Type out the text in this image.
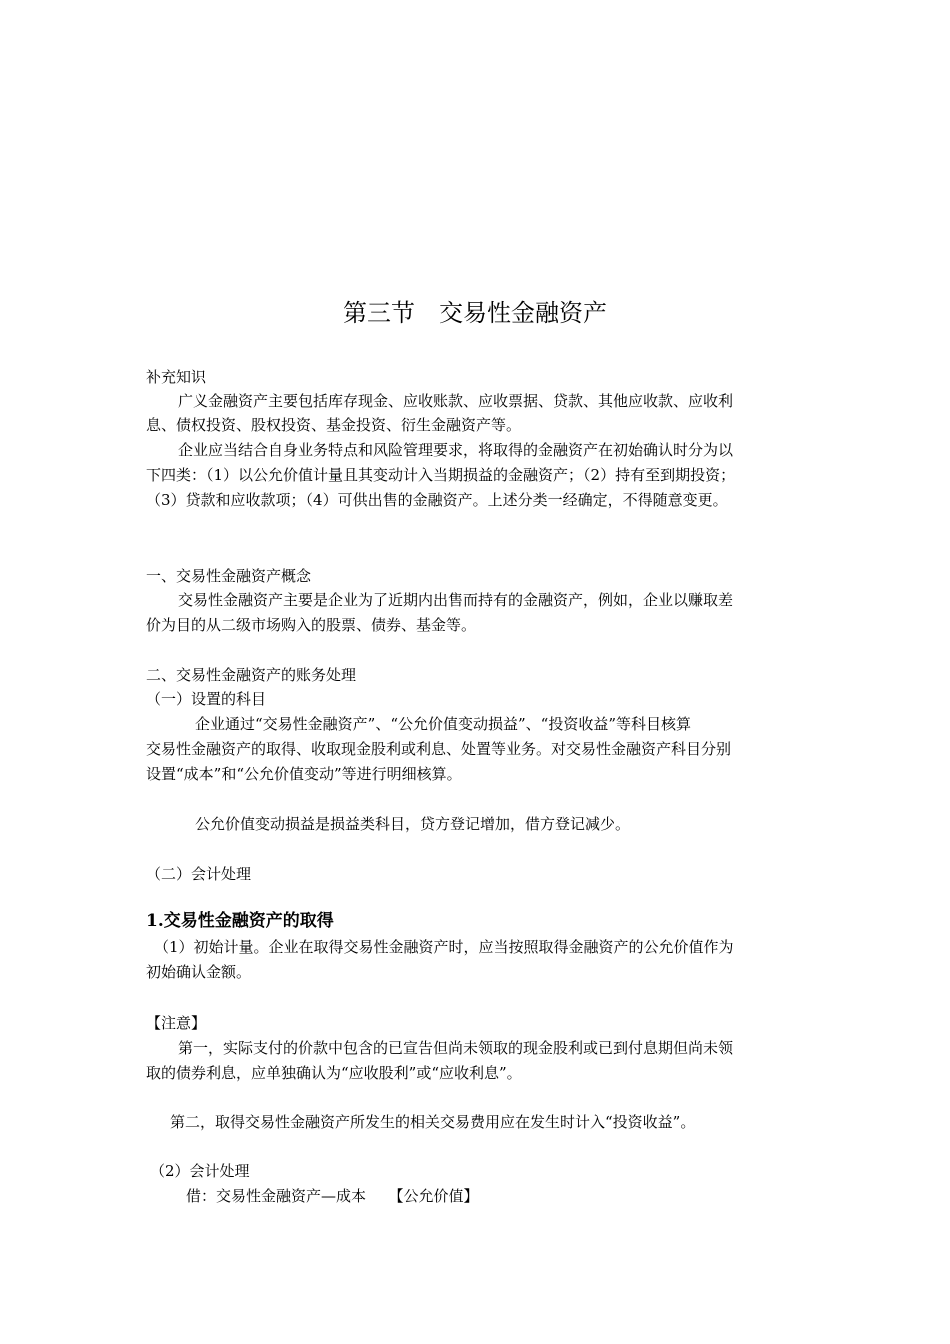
第三节　交易性金融资产
补充知识
广义金融资产主要包括库存现金、应收账款、应收票据、贷款、其他应收款、应收利
息、债权投资、股权投资、基金投资、衍生金融资产等。
企业应当结合自身业务特点和风险管理要求，将取得的金融资产在初始确认时分为以
下四类：（1）以公允价值计量且其变动计入当期损益的金融资产；（2）持有至到期投资；
（3）贷款和应收款项；（4）可供出售的金融资产。上述分类一经确定，不得随意变更。
一、交易性金融资产概念
交易性金融资产主要是企业为了近期内出售而持有的金融资产，例如，企业以赚取差
价为目的从二级市场购入的股票、债券、基金等。
二、交易性金融资产的账务处理
（一）设置的科目
企业通过“交易性金融资产”、“公允价值变动损益”、“投资收益”等科目核算
交易性金融资产的取得、收取现金股利或利息、处置等业务。对交易性金融资产科目分别
设置“成本”和“公允价值变动”等进行明细核算。
公允价值变动损益是损益类科目，贷方登记增加，借方登记减少。
（二）会计处理
1.交易性金融资产的取得
（1）初始计量。企业在取得交易性金融资产时，应当按照取得金融资产的公允价值作为
初始确认金额。
【注意】
第一，实际支付的价款中包含的已宣告但尚未领取的现金股利或已到付息期但尚未领
取的债券利息，应单独确认为“应收股利”或“应收利息”。
第二，取得交易性金融资产所发生的相关交易费用应在发生时计入“投资收益”。
（2）会计处理
借：交易性金融资产—成本　　【公允价值】
